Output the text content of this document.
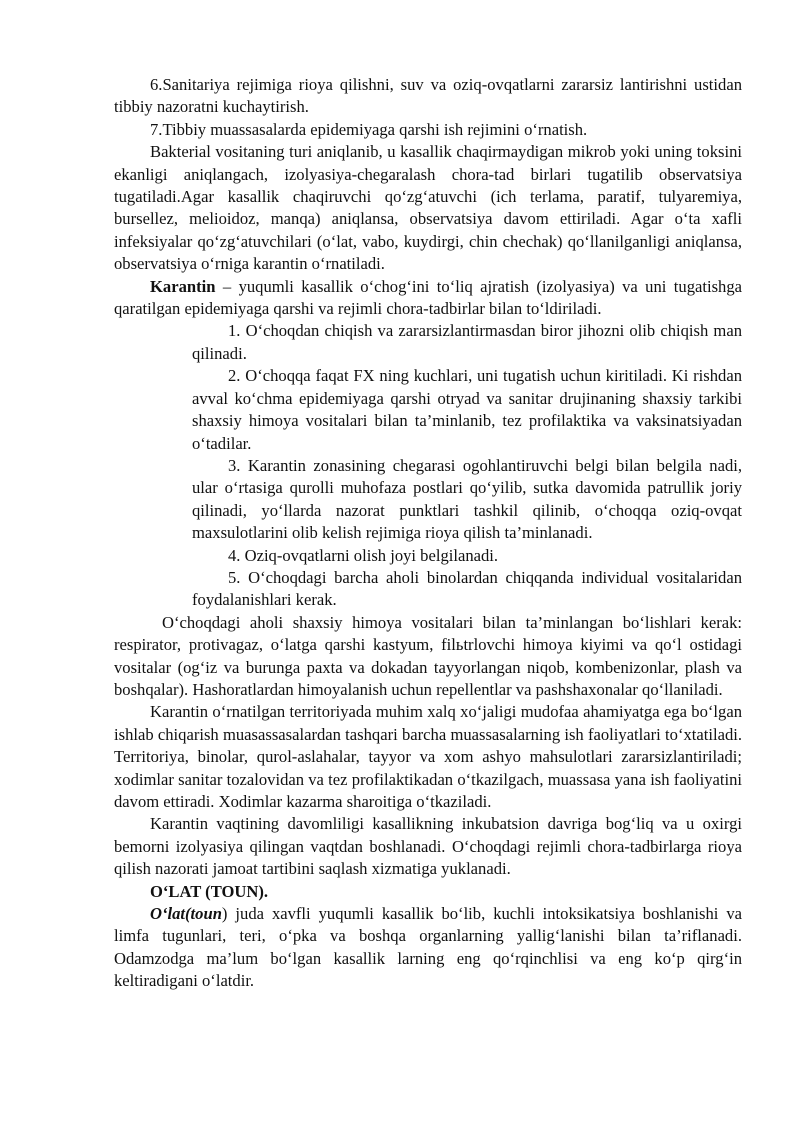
6.Sanitariya rejimiga rioya qilishni, suv va oziq-ovqatlarni zararsiz lantirishni ustidan tibbiy nazoratni kuchaytirish.

7.Tibbiy muassasalarda epidemiyaga qarshi ish rejimini o‘rnatish.

Bakterial vositaning turi aniqlanib, u kasallik chaqirmaydigan mikrob yoki uning toksini ekanligi aniqlangach, izolyasiya-chegaralash chora-tad birlari tugatilib observatsiya tugatiladi.Agar kasallik chaqiruvchi qo‘zg‘atuvchi (ich terlama, paratif, tulyaremiya, bursellez, melioidoz, manqa) aniqlansa, observatsiya davom ettiriladi. Agar o‘ta xafli infeksiyalar qo‘zg‘atuvchilari (o‘lat, vabo, kuydirgi, chin chechak) qo‘llanilganligi aniqlansa, observatsiya o‘rniga karantin o‘rnatiladi.

Karantin – yuqumli kasallik o‘chog‘ini to‘liq ajratish (izolyasiya) va uni tugatishga qaratilgan epidemiyaga qarshi va rejimli chora-tadbirlar bilan to‘ldiriladi.

1. O‘choqdan chiqish va zararsizlantirmasdan biror jihozni olib chiqish man qilinadi.
2. O‘choqqa faqat FX ning kuchlari, uni tugatish uchun kiritiladi. Ki rishdan avval ko‘chma epidemiyaga qarshi otryad va sanitar drujinaning shaxsiy tarkibi shaxsiy himoya vositalari bilan ta’minlanib, tez profilaktika va vaksinatsiyadan o‘tadilar.
3. Karantin zonasining chegarasi ogohlantiruvchi belgi bilan belgila nadi, ular o‘rtasiga qurolli muhofaza postlari qo‘yilib, sutka davomida patrullik joriy qilinadi, yo‘llarda nazorat punktlari tashkil qilinib, o‘choqqa oziq-ovqat maxsulotlarini olib kelish rejimiga rioya qilish ta’minlanadi.
4. Oziq-ovqatlarni olish joyi belgilanadi.
5. O‘choqdagi barcha aholi binolardan chiqqanda individual vositalaridan foydalanishlari kerak.

O‘choqdagi aholi shaxsiy himoya vositalari bilan ta’minlangan bo‘lishlari kerak: respirator, protivagaz, o‘latga qarshi kastyum, filьtrlovchi himoya kiyimi va qo‘l ostidagi vositalar (og‘iz va burunga paxta va dokadan tayyorlangan niqob, kombenizonlar, plash va boshqalar). Hashoratlardan himoyalanish uchun repellentlar va pashshaxonalar qo‘llaniladi.

Karantin o‘rnatilgan territoriyada muhim xalq xo‘jaligi mudofaa ahamiyatga ega bo‘lgan ishlab chiqarish muasassasalardan tashqari barcha muassasalarning ish faoliyatlari to‘xtatiladi. Territoriya, binolar, qurol-aslahalar, tayyor va xom ashyo mahsulotlari zararsizlantiriladi; xodimlar sanitar tozalovidan va tez profilaktikadan o‘tkazilgach, muassasa yana ish faoliyatini davom ettiradi. Xodimlar kazarma sharoitiga o‘tkaziladi.

Karantin vaqtining davomliligi kasallikning inkubatsion davriga bog‘liq va u oxirgi bemorni izolyasiya qilingan vaqtdan boshlanadi. O‘choqdagi rejimli chora-tadbirlarga rioya qilish nazorati jamoat tartibini saqlash xizmatiga yuklanadi.

O‘LAT (TOUN).

O‘lat(toun) juda xavfli yuqumli kasallik bo‘lib, kuchli intoksikatsiya boshlanishi va limfa tugunlari, teri, o‘pka va boshqa organlarning yallig‘lanishi bilan ta’riflanadi. Odamzodga ma’lum bo‘lgan kasallik larning eng qo‘rqinchlisi va eng ko‘p qirg‘in keltiradigani o‘latdir.
